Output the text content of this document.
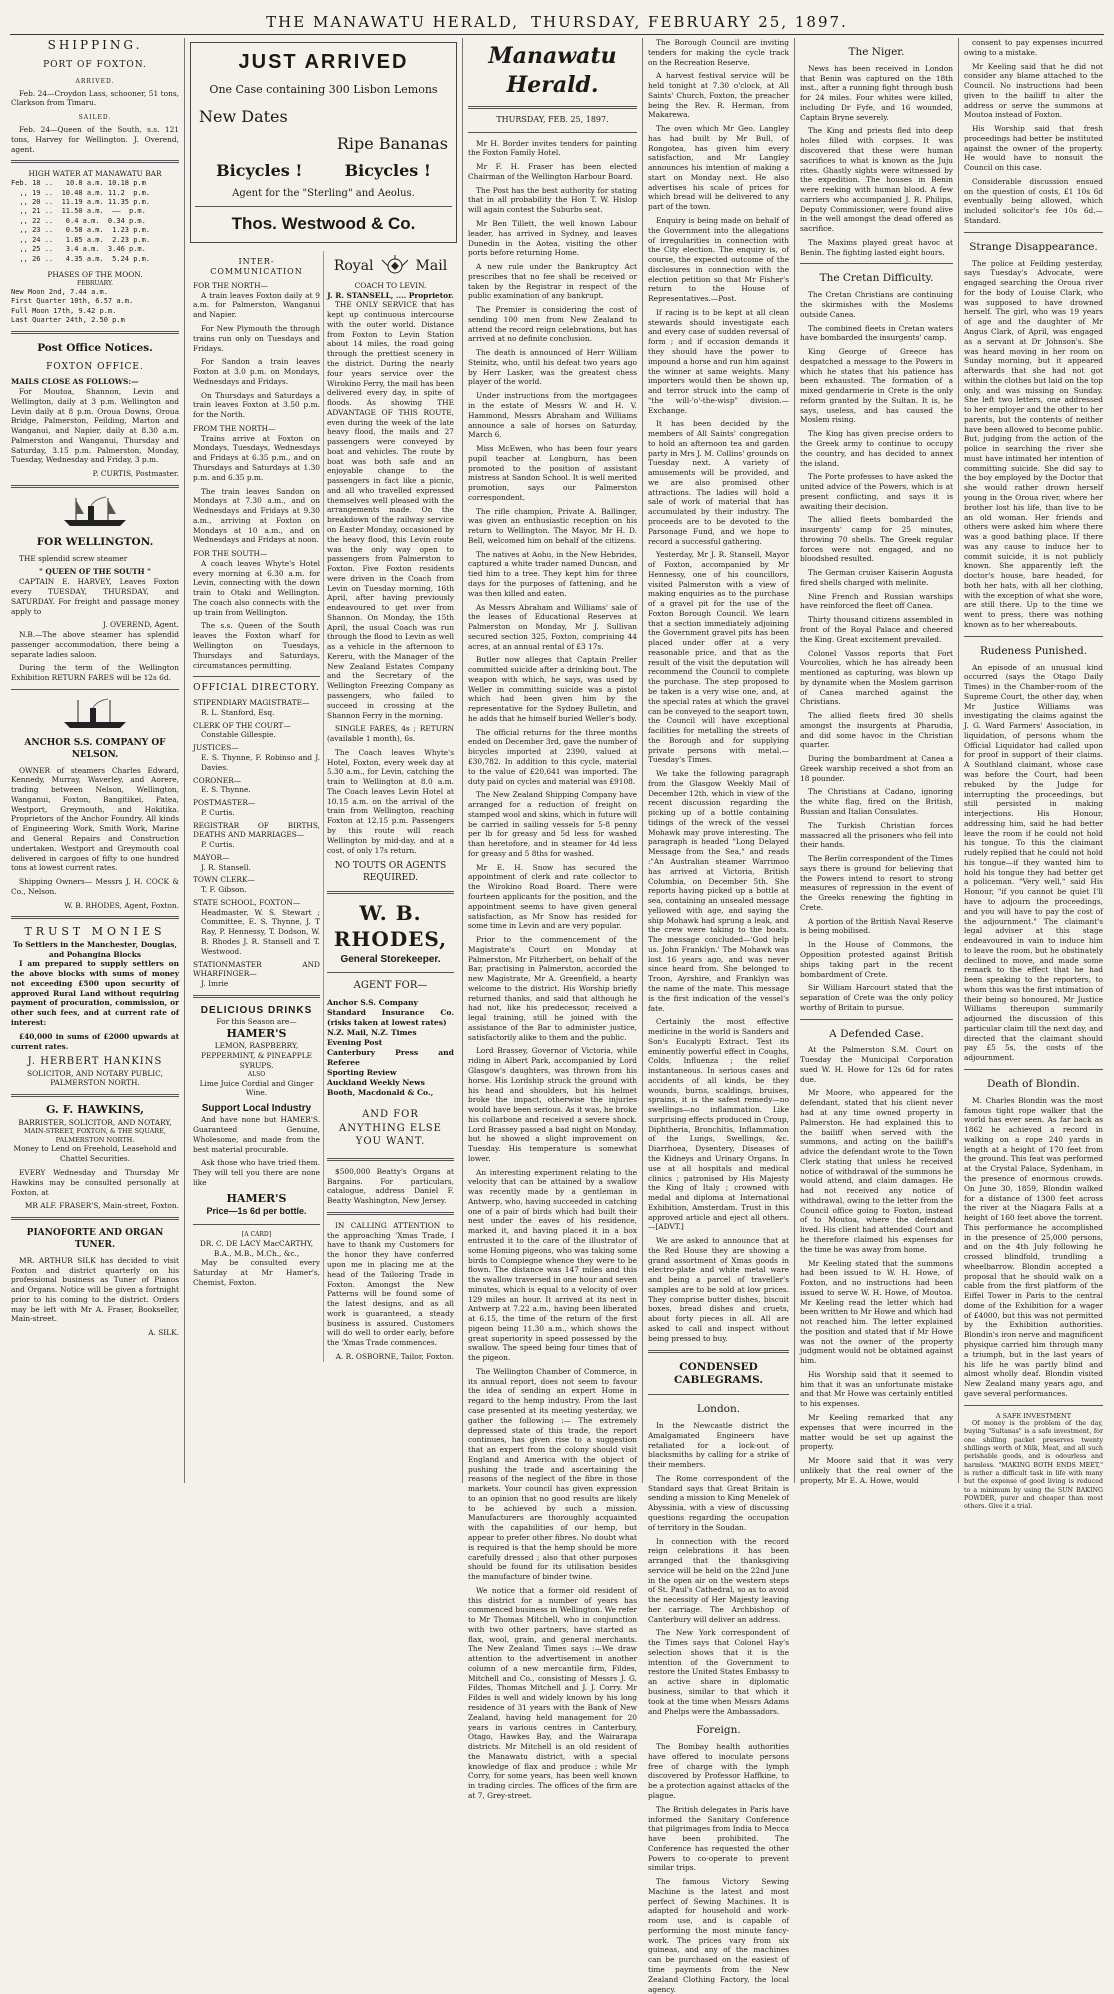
THE MANAWATU HERALD, THURSDAY, FEBRUARY 25, 1897.
SHIPPING.
PORT OF FOXTON.
ARRIVED.

Feb. 24—Croydon Lass, schooner, 51 tons, Clarkson from Timaru.

SAILED.

Feb. 24—Queen of the South, s.s. 121 tons, Harvey for Wellington. J. Overend, agent.

HIGH WATER AT MANAWATU BAR
Feb. 18 ..   10.8 a.m. 10.18 p.m
,, 19 ..  10.48 a.m. 11.2  p.m.
,, 20 ..  11.19 a.m. 11.35 p.m.
,, 21 ..  11.50 a.m.  ——  p.m.
,, 22 ..   0.4 a.m.  0.34 p.m.
,, 23 ..   0.58 a.m.  1.23 p.m.
,, 24 ..   1.85 a.m.  2.23 p.m.
,, 25 ..   3.4 a.m.  3.46 p.m.
,, 26 ..   4.35 a.m.  5.24 p.m.
PHASES OF THE MOON.
FEBRUARY.
New Moon 2nd, 7.44 a.m.
First Quarter 10th, 6.57 a.m.
Full Moon 17th, 9.42 p.m.
Last Quarter 24th, 2.50 p.m
Post Office Notices.
FOXTON OFFICE.
MAILS CLOSE AS FOLLOWS:—

For Moutoa, Shannon, Levin and Wellington, daily at 3 p.m. Wellington and Levin daily at 8 p.m. Oroua Downs, Oroua Bridge, Palmerston, Feilding, Marton and Wanganui, and Napier, daily at 8.30 a.m. Palmerston and Wanganui, Thursday and Saturday, 3.15 p.m. Palmerston, Monday, Tuesday, Wednesday and Friday, 3 p.m.

P. CURTIS, Postmaster.
FOR WELLINGTON.

THE splendid screw steamer

" QUEEN OF THE SOUTH "

CAPTAIN E. HARVEY, Leaves Foxton every TUESDAY, THURSDAY, and SATURDAY. For freight and passage money apply to

J. OVEREND, Agent.

N.B.—The above steamer has splendid passenger accommodation, there being a separate ladies saloon.

During the term of the Wellington Exhibition RETURN FARES will be 12s 6d.

ANCHOR S.S. COMPANY OF NELSON.

OWNER of steamers Charles Edward, Kennedy, Murray, Waverley, and Aorere, trading between Nelson, Wellington, Wanganui, Foxton, Bangitikei, Patea, Westport, Greymouth, and Hokitika. Proprietors of the Anchor Foundry. All kinds of Engineering Work, Smith Work, Marine and General Repairs and Construction undertaken. Westport and Greymouth coal delivered in cargoes of fifty to one hundred tons at lowest current rates.

Shipping Owners— Messrs J. H. COCK & Co., Nelson.

W. B. RHODES, Agent, Foxton.
TRUST MONIES
To Settlers in the Manchester, Douglas, and Pohangina Blocks

I am prepared to supply settlers on the above blocks with sums of money not exceeding £500 upon security of approved Rural Land without requiring payment of procuration, commission, or other such fees, and at current rate of interest:

£40,000 in sums of £2000 upwards at current rates.

J. HERBERT HANKINS
SOLICITOR, AND NOTARY PUBLIC, PALMERSTON NORTH.
G. F. HAWKINS,
BARRISTER, SOLICITOR, AND NOTARY,
MAIN-STREET, FOXTON, & THE SQUARE, PALMERSTON NORTH.

Money to Lend on Freehold, Leasehold and Chattel Securities.

EVERY Wednesday and Thursday Mr Hawkins may be consulted personally at Foxton, at

MR ALF. FRASER'S, Main-street, Foxton.
PIANOFORTE AND ORGAN TUNER.

MR. ARTHUR SILK has decided to visit Foxton and district quarterly on his professional business as Tuner of Pianos and Organs. Notice will be given a fortnight prior to his coming to the district. Orders may be left with Mr A. Fraser, Bookseller, Main-street.

A. SILK.
JUST ARRIVED
One Case containing 300 Lisbon Lemons
New Dates
Ripe Bananas
Bicycles !	Bicycles !
Agent for the "Sterling" and Aeolus.
Thos. Westwood & Co.
INTER-COMMUNICATION
FOR THE NORTH—

A train leaves Foxton daily at 9 a.m. for Palmerston, Wanganui and Napier.

For New Plymouth the through trains run only on Tuesdays and Fridays.

For Sandon a train leaves Foxton at 3.0 p.m. on Mondays, Wednesdays and Fridays.

On Thursdays and Saturdays a train leaves Foxton at 3.50 p.m. for the North.

FROM THE NORTH—

Trains arrive at Foxton on Mondays, Tuesdays, Wednesdays and Fridays at 6.35 p.m., and on Thursdays and Saturdays at 1.30 p.m. and 6.35 p.m.

The train leaves Sandon on Mondays at 7.30 a.m., and on Wednesdays and Fridays at 9.30 a.m., arriving at Foxton on Mondays at 10 a.m., and on Wednesdays and Fridays at noon.

FOR THE SOUTH—

A coach leaves Whyte's Hotel every morning at 6.30 a.m. for Levin, connecting with the down train to Otaki and Wellington. The coach also connects with the up train from Wellington.

The s.s. Queen of the South leaves the Foxton wharf for Wellington on Tuesdays, Thursdays and Saturdays, circumstances permitting.

OFFICIAL DIRECTORY.
STIPENDIARY MAGISTRATE—
R. L. Stanford, Esq.
CLERK OF THE COURT—
Constable Gillespie.
JUSTICES—
E. S. Thynne, F. Robinso and J. Davies.
CORONER—
E. S. Thynne.
POSTMASTER—
P. Curtis.
REGISTRAR OF BIRTHS, DEATHS AND MARRIAGES—
P. Curtis.
MAYOR—
J. R. Stansell.
TOWN CLERK—
T. F. Gibson.
STATE SCHOOL, FOXTON—
Headmaster, W. S. Stewart ; Committee, E. S. Thynne, J. T Ray, P. Hennessy, T. Dodson, W. B. Rhodes J. R. Stansell and T. Westwood.
STATIONMASTER AND WHARFINGER—
J. Imrie
DELICIOUS DRINKS
For this Season are—
HAMER'S
LEMON, RASPBERRY, PEPPERMINT, & PINEAPPLE SYRUPS.
ALSO
Lime Juice Cordial and Ginger Wine.
Support Local Industry

And have none but HAMER'S. Guaranteed Genuine, Wholesome, and made from the best material procurable.

Ask those who have tried them. They will tell you there are none like

HAMER'S
Price—1s 6d per bottle.
[A CARD]
DR. C. DE LACY MacCARTHY, B.A., M.B., M.Ch., &c.,

May be consulted every Saturday at Mr Hamer's, Chemist, Foxton.

Royal	Mail
COACH TO LEVIN.
J. R. STANSELL, .... Proprietor.

THE ONLY SERVICE that has kept up continuous intercourse with the outer world. Distance from Foxton to Levin Station about 14 miles, the road going through the prettiest scenery in the district. During the nearly four years service over the Wirokino Ferry, the mail has been delivered every day, in spite of floods. As showing THE ADVANTAGE OF THIS ROUTE, even during the week of the late heavy flood, the mails and 27 passengers were conveyed by boat and vehicles. The route by boat was both safe and an enjoyable change to the passengers in fact like a picnic, and all who travelled expressed themselves well pleased with the arrangements made. On the breakdown of the railway service on Easter Monday, occasioned by the heavy flood, this Levin route was the only way open to passengers from Palmerston to Foxton. Five Foxton residents were driven in the Coach from Levin on Tuesday morning, 16th April, after having previously endeavoured to get over from Shannon. On Monday, the 15th April, the usual Coach was run through the flood to Levin as well as a vehicle in the afternoon to Kereru, with the Manager of the New Zealand Estates Company and the Secretary of the Wellington Freezing Company as passengers, who failed to succeed in crossing at the Shannon Ferry in the morning.

SINGLE FARES, 4s ; RETURN (available 1 month), 6s.

The Coach leaves Whyte's Hotel, Foxton, every week day at 5.30 a.m., for Levin, catching the train to Wellington at 8.0 a.m. The Coach leaves Levin Hotel at 10.15 a.m. on the arrival of the train from Wellington, reaching Foxton at 12.15 p.m. Passengers by this route will reach Wellington by mid-day, and at a cost, of only 17s return.

NO TOUTS OR AGENTS REQUIRED.
W. B. RHODES,
General Storekeeper.
AGENT FOR—
Anchor S.S. Company
Standard Insurance Co. (risks taken at lowest rates)
N.Z. Mail, N.Z. Times
Evening Post
Canterbury Press and Referee
Sporting Review
Auckland Weekly News
Booth, Macdonald & Co.,
AND FOR ANYTHING ELSE YOU WANT.

$500,000 Beatty's Organs at Bargains. For particulars, catalogue, address Daniel F. Beatty Washington, New Jersey.

IN CALLING ATTENTION to the approaching 'Xmas Trade, I have to thank my Customers for the honor they have conferred upon me in placing me at the head of the Tailoring Trade in Foxton. Amongst the New Patterns will be found some of the latest designs, and as all work is guaranteed, a steady business is assured. Customers will do well to order early, before the 'Xmas Trade commences.

A. R. OSBORNE, Tailor, Foxton.
Manawatu Herald.
THURSDAY, FEB. 25, 1897.

Mr H. Border invites tenders for painting the Foxton Family Hotel.

Mr F. H. Fraser has been elected Chairman of the Wellington Harbour Board.

The Post has the best authority for stating that in all probability the Hon T. W. Hislop will again contest the Suburbs seat.

Mr Ben Tillett, the well known Labour leader, has arrived in Sydney, and leaves Dunedin in the Aotea, visiting the other ports before returning Home.

A new rule under the Bankruptcy Act prescribes that no fee shall be received or taken by the Registrar in respect of the public examination of any bankrupt.

The Premier is considering the cost of sending 100 men from New Zealand to attend the record reign celebrations, but has arrived at no definite conclusion.

The death is announced of Herr William Steinitz, who, until his defeat two years ago by Herr Lasker, was the greatest chess player of the world.

Under instructions from the mortgagees in the estate of Messrs W. and H. V. Hammond, Messrs Abraham and Williams announce a sale of horses on Saturday, March 6.

Miss McEwen, who has been four years pupil teacher at Longburn, has been promoted to the position of assistant mistress at Sandon School. It is well merited promotion, says our Palmerston correspondent.

The rifle champion, Private A. Ballinger, was given an enthusiastic reception on his return to Wellington. The Mayor, Mr H. D. Bell, welcomed him on behalf of the citizens.

The natives at Aohu, in the New Hebrides, captured a white trader named Duncan, and tied him to a tree. They kept him for three days for the purposes of fattening, and he was then killed and eaten.

As Messrs Abraham and Williams' sale of the leases of Educational Reserves at Palmerston on Monday, Mr J. Sullivan secured section 325, Foxton, comprising 44 acres, at an annual rental of £3 17s.

Butler now alleges that Captain Preller committed suicide after a drinking bout. The weapon with which, he says, was used by Weller in committing suicide was a pistol which had been given him by the representative for the Sydney Bulletin, and he adds that he himself buried Weller's body.

The official returns for the three months ended on December 3rd, gave the number of bicycles imported at 2390, valued at £30,782. In addition to this cycle, material to the value of £20,641 was imported. The duty paid on cycles and material was £9108.

The New Zealand Shipping Company have arranged for a reduction of freight on stamped wool and skins, which in future will be carried in sailing vessels for 5-8 penny per lb for greasy and 5d less for washed than heretofore, and in steamer for 4d less for greasy and 5 8ths for washed.

Mr E. H. Snow has secured the appointment of clerk and rate collector to the Wirokino Road Board. There were fourteen applicants for the position, and the appointment seems to have given general satisfaction, as Mr Snow has resided for some time in Levin and are very popular.

Prior to the commencement of the Magistrate's Court on Monday at Palmerston, Mr Fitzherbert, on behalf of the Bar, practising in Palmerston, accorded the new Magistrate, Mr A. Greenfield, a hearty welcome to the district. His Worship briefly returned thanks, and said that although he had not, like his predecessor, received a legal training, still he joined with the assistance of the Bar to administer justice, satisfactorily alike to them and the public.

Lord Brassey, Governor of Victoria, while riding in Albert Park, accompanied by Lord Glasgow's daughters, was thrown from his horse. His Lordship struck the ground with his head and shoulders, but his helmet broke the impact, otherwise the injuries would have been serious. As it was, he broke his collarbone and received a severe shock. Lord Brassey passed a bad night on Monday, but he showed a slight improvement on Tuesday. His temperature is somewhat lower.

An interesting experiment relating to the velocity that can be attained by a swallow was recently made by a gentleman in Antwerp, who, having succeeded in catching one of a pair of birds which had built their nest under the eaves of his residence, marked it, and having placed it in a box entrusted it to the care of the illustrator of some Homing pigeons, who was taking some birds to Compiegne whence they were to be flown. The distance was 147 miles and this the swallow traversed in one hour and seven minutes, which is equal to a velocity of over 129 miles an hour. It arrived at its nest in Antwerp at 7.22 a.m., having been liberated at 6.15, the time of the return of the first pigeon being 11.30 a.m., which shows the great superiority in speed possessed by the swallow. The speed being four times that of the pigeon.

The Wellington Chamber of Commerce, in its annual report, does not seem to favour the idea of sending an expert Home in regard to the hemp industry. From the last case presented at its meeting yesterday, we gather the following :— The extremely depressed state of this trade, the report continues, has given rise to a suggestion that an expert from the colony should visit England and America with the object of pushing the trade and ascertaining the reasons of the neglect of the fibre in those markets. Your council has given expression to an opinion that no good results are likely to be achieved by such a mission. Manufacturers are thoroughly acquainted with the capabilities of our hemp, but appear to prefer other fibres. No doubt what is required is that the hemp should be more carefully dressed ; also that other purposes should be found for its utilisation besides the manufacture of binder twine.

We notice that a former old resident of this district for a number of years has commenced business in Wellington. We refer to Mr Thomas Mitchell, who in conjunction with two other partners, have started as flax, wool, grain, and general merchants. The New Zealand Times says :—We draw attention to the advertisement in another column of a new mercantile firm, Fildes, Mitchell and Co., consisting of Messrs J. G. Fildes, Thomas Mitchell and J. J. Corry. Mr Fildes is well and widely known by his long residence of 31 years with the Bank of New Zealand, having held management for 20 years in various centres in Canterbury, Otago, Hawkes Bay, and the Wairarapa districts. Mr Mitchell is an old resident of the Manawatu district, with a special knowledge of flax and produce ; while Mr Corry, for some years, has been well known in trading circles. The offices of the firm are at 7, Grey-street.

The Borough Council are inviting tenders for making the cycle track on the Recreation Reserve.

A harvest festival service will be held tonight at 7.30 o'clock, at All Saints' Church, Foxton, the preacher being the Rev. R. Herman, from Makarewa.

The oven which Mr Geo. Langley has had built by Mr Bull, of Rongotea, has given him every satisfaction, and Mr Langley announces his intention of making a start on Monday next. He also advertises his scale of prices for which bread will be delivered to any part of the town.

Enquiry is being made on behalf of the Government into the allegations of irregularities in connection with the City election. The enquiry is, of course, the expected outcome of the disclosures in connection with the election petition so that Mr Fisher's return to the House of Representatives.—Post.

If racing is to be kept at all clean stewards should investigate each and every case of sudden reversal of form ; and if occasion demands it they should have the power to impound a horse and run him against the winner at same weights. Many importers would then be shown up, and terror struck into the camp of "the will-'o'-the-wisp" division.—Exchange.

It has been decided by the members of All Saints' congregation to hold an afternoon tea and garden party in Mrs J. M. Collins' grounds on Tuesday next. A variety of amusements will be provided, and we are also promised other attractions. The ladies will hold a sale of work of material that has accumulated by their industry. The proceeds are to be devoted to the Parsonage Fund, and we hope to record a successful gathering.

Yesterday, Mr J. R. Stansell, Mayor of Foxton, accompanied by Mr Hennessy, one of his councillors, visited Palmerston with a view of making enquiries as to the purchase of a gravel pit for the use of the Foxton Borough Council. We learn that a section immediately adjoining the Government gravel pits has been placed under offer at a very reasonable price, and that as the result of the visit the deputation will recommend the Council to complete the purchase. The step proposed to be taken is a very wise one, and, at the special rates at which the gravel can be conveyed to the seaport town, the Council will have exceptional facilities for metalling the streets of the Borough and for supplying private persons with metal.—Tuesday's Times.

We take the following paragraph from the Glasgow Weekly Mail of December 12th, which in view of the recent discussion regarding the picking up of a bottle containing tidings of the wreck of the vessel Mohawk may prove interesting. The paragraph is headed "Long Delayed Message from the Sea," and reads :"An Australian steamer Warrimoo has arrived at Victoria, British Columbia, on December 5th. She reports having picked up a bottle at sea, containing an unsealed message yellowed with age, and saying the ship Mohawk had sprung a leak, and the crew were taking to the boats. The message concluded—'God help us. John Franklyn.' The Mohawk was lost 16 years ago, and was never since heard from. She belonged to Troon, Ayrshire, and Franklyn was the name of the mate. This message is the first indication of the vessel's fate.

Certainly the most effective medicine in the world is Sanders and Son's Eucalypti Extract. Test its eminently powerful effect in Coughs, Colds, Influenza ; the relief instantaneous. In serious cases and accidents of all kinds, be they wounds, burns, scaldings, bruises, sprains, it is the safest remedy—no swellings—no inflammation. Like surprising effects produced in Croup, Diphtheria, Bronchitis, Inflammation of the Lungs, Swellings, &c. Diarrhoea, Dysentery, Diseases of the Kidneys and Urinary Organs. In use at all hospitals and medical clinics ; patronised by His Majesty the King of Italy ; crowned with medal and diploma at International Exhibition, Amsterdam. Trust in this approved article and eject all others.—[ADVT.]

We are asked to announce that at the Red House they are showing a grand assortment of Xmas goods in electro-plate and white metal ware and being a parcel of traveller's samples are to be sold at low prices. They comprise butter dishes, biscuit boxes, bread dishes and cruets, about forty pieces in all. All are asked to call and inspect without being pressed to buy.

CONDENSED CABLEGRAMS.
London.

In the Newcastle district the Amalgamated Engineers have retaliated for a lock-out of blacksmiths by calling for a strike of their members.

The Rome correspondent of the Standard says that Great Britain is sending a mission to King Menelek of Abyssinia, with a view of discussing questions regarding the occupation of territory in the Soudan.

In connection with the record reign celebrations it has been arranged that the thanksgiving service will be held on the 22nd June in the open air on the western steps of St. Paul's Cathedral, so as to avoid the necessity of Her Majesty leaving her carriage. The Archbishop of Canterbury will deliver an address.

The New York correspondent of the Times says that Colonel Hay's selection shows that it is the intention of the Government to restore the United States Embassy to an active share in diplomatic business, similar to that which it took at the time when Messrs Adams and Phelps were the Ambassadors.

Foreign.

The Bombay health authorities have offered to inoculate persons free of charge with the lymph discovered by Professor Haffkine, to be a protection against attacks of the plague.

The British delegates in Paris have informed the Sanitary Conference that pilgrimages from India to Mecca have been prohibited. The Conference has requested the other Powers to co-operate to prevent similar trips.

The famous Victory Sewing Machine is the latest and most perfect of Sewing Machines. It is adapted for household and work-room use, and is capable of performing the most minute fancy-work. The prices vary from six guineas, and any of the machines can be purchased on the easiest of time payments from the New Zealand Clothing Factory, the local agency.

The Niger.

News has been received in London that Benin was captured on the 18th inst., after a running fight through bush for 24 miles. Four whites were killed, including Dr Fyfe, and 16 wounded, Captain Bryne severely.

The King and priests fled into deep holes filled with corpses. It was discovered that these were human sacrifices to what is known as the Juju rites. Ghastly sights were witnessed by the expedition. The houses in Benin were reeking with human blood. A few carriers who accompanied J. R. Philips, Deputy Commissioner, were found alive in the well amongst the dead offered as sacrifice.

The Maxims played great havoc at Benin. The fighting lasted eight hours.

The Cretan Difficulty.

The Cretan Christians are continuing the skirmishes with the Moslems outside Canea.

The combined fleets in Cretan waters have bombarded the insurgents' camp.

King George of Greece has despatched a message to the Powers in which he states that his patience has been exhausted. The formation of a mixed gendarmerie in Crete is the only reform granted by the Sultan. It is, he says, useless, and has caused the Moslem rising.

The King has given precise orders to the Greek army to continue to occupy the country, and has decided to annex the island.

The Porte professes to have asked the united advice of the Powers, which is at present conflicting, and says it is awaiting their decision.

The allied fleets bombarded the insurgents' camp for 25 minutes, throwing 70 shells. The Greek regular forces were not engaged, and no bloodshed resulted.

The German cruiser Kaiserin Augusta fired shells charged with melinite.

Nine French and Russian warships have reinforced the fleet off Canea.

Thirty thousand citizens assembled in front of the Royal Palace and cheered the King. Great excitement prevailed.

Colonel Vassos reports that Fort Vourcolies, which he has already been mentioned as capturing, was blown up by dynamite when the Moslem garrison of Canea marched against the Christians.

The allied fleets fired 30 shells amongst the insurgents at Pharudia, and did some havoc in the Christian quarter.

During the bombardment at Canea a Greek warship received a shot from an 18 pounder.

The Christians at Cadano, ignoring the white flag, fired on the British, Russian and Italian Consulates.

The Turkish Christian forces massacred all the prisoners who fell into their hands.

The Berlin correspondent of the Times says there is ground for believing that the Powers intend to resort to strong measures of repression in the event of the Greeks renewing the fighting in Crete.

A portion of the British Naval Reserve is being mobilised.

In the House of Commons, the Opposition protested against British ships taking part in the recent bombardment of Crete.

Sir William Harcourt stated that the separation of Crete was the only policy worthy of Britain to pursue.

A Defended Case.

At the Palmerston S.M. Court on Tuesday the Municipal Corporation sued W. H. Howe for 12s 6d for rates due.

Mr Moore, who appeared for the defendant, stated that his client never had at any time owned property in Palmerston. He had explained this to the bailiff when served with the summons, and acting on the bailiff's advice the defendant wrote to the Town Clerk stating that unless he received notice of withdrawal of the summons he would attend, and claim damages. He had not received any notice of withdrawal, owing to the letter from the Council office going to Foxton, instead of to Moutoa, where the defendant lived. His client had attended Court and he therefore claimed his expenses for the time he was away from home.

Mr Keeling stated that the summons had been issued to W. H. Howe, of Foxton, and no instructions had been issued to serve W. H. Howe, of Moutoa. Mr Keeling read the letter which had been written to Mr Howe and which had not reached him. The letter explained the position and stated that if Mr Howe was not the owner of the property judgment would not be obtained against him.

His Worship said that it seemed to him that it was an unfortunate mistake and that Mr Howe was certainly entitled to his expenses.

Mr Keeling remarked that any expenses that were incurred in the matter would be set up against the property.

Mr Moore said that it was very unlikely that the real owner of the property, Mr E. A. Howe, would

consent to pay expenses incurred owing to a mistake.

Mr Keeling said that he did not consider any blame attached to the Council. No instructions had been given to the bailiff to alter the address or serve the summons at Moutoa instead of Foxton.

His Worship said that fresh proceedings had better be instituted against the owner of the property. He would have to nonsuit the Council on this case.

Considerable discussion ensued on the question of costs, £1 10s 6d eventually being allowed, which included solicitor's fee 10s 6d.—Standard.

Strange Disappearance.

The police at Feilding yesterday, says Tuesday's Advocate, were engaged searching the Oroua river for the body of Louise Clark, who was supposed to have drowned herself. The girl, who was 19 years of age and the daughter of Mr Angus Clark, of April, was engaged as a servant at Dr Johnson's. She was heard moving in her room on Sunday morning, but it appeared afterwards that she had not got within the clothes but laid on the top only, and was missing on Sunday. She left two letters, one addressed to her employer and the other to her parents, but the contents of neither have been allowed to become public. But, judging from the action of the police in searching the river she must have intimated her intention of committing suicide. She did say to the boy employed by the Doctor that she would rather drown herself young in the Oroua river, where her brother lost his life, than live to be an old woman. Her friends and others were asked him where there was a good bathing place. If there was any cause to induce her to commit suicide, it is not publicly known. She apparently left the doctor's house, bare headed, for both her hats, with all her clothing, with the exception of what she wore, are still there. Up to the time we went to press, there was nothing known as to her whereabouts.

Rudeness Punished.

An episode of an unusual kind occurred (says the Otago Daily Times) in the Chamber-room of the Supreme Court, the other day, when Mr Justice Williams was investigating the claims against the J. G. Ward Farmers' Association, in liquidation, of persons whom the Official Liquidator had called upon for proof in support of their claims. A Southland claimant, whose case was before the Court, had been rebuked by the Judge for interrupting the proceedings, but still persisted in making interjections. His Honour, addressing him, said he had better leave the room if he could not hold his tongue. To this the claimant rudely replied that he could not hold his tongue—if they wanted him to hold his tongue they had better get a policeman. "Very well," said His Honour, "if you cannot be quiet I'll have to adjourn the proceedings, and you will have to pay the cost of the adjournment." The claimant's legal adviser at this stage endeavoured in vain to induce him to leave the room, but he obstinately declined to move, and made some remark to the effect that he had been speaking to the reporters, to whom this was the first intimation of their being so honoured. Mr Justice Williams thereupon summarily adjourned the discussion of this particular claim till the next day, and directed that the claimant should pay £5 5s, the costs of the adjournment.

Death of Blondin.

M. Charles Blondin was the most famous tight rope walker that the world has ever seen. As far back as 1862 he achieved a record in walking on a rope 240 yards in length at a height of 170 feet from the ground. This feat was performed at the Crystal Palace, Sydenham, in the presence of enormous crowds. On June 30, 1859, Blondin walked for a distance of 1300 feet across the river at the Niagara Falls at a height of 160 feet above the torrent. This performance he accomplished in the presence of 25,000 persons, and on the 4th July following he crossed blindfold, trundling a wheelbarrow. Blondin accepted a proposal that he should walk on a cable from the first platform of the Eiffel Tower in Paris to the central dome of the Exhibition for a wager of £4000, but this was not permitted by the Exhibition authorities. Blondin's iron nerve and magnificent physique carried him through many a triumph, but in the last years of his life he was partly blind and almost wholly deaf. Blondin visited New Zealand many years ago, and gave several performances.

A SAFE INVESTMENT

Of money is the problem of the day, buying "Sultanas" is a safe investment, for one shilling packet preserves twenty shillings worth of Milk, Meat, and all such perishable goods, and is odourless and harmless. "MAKING BOTH ENDS MEET," is rather a difficult task in life with many but the expense of good living is reduced to a minimum by using the SUN BAKING POWDER, purer and cheaper than most others. Give it a trial.
